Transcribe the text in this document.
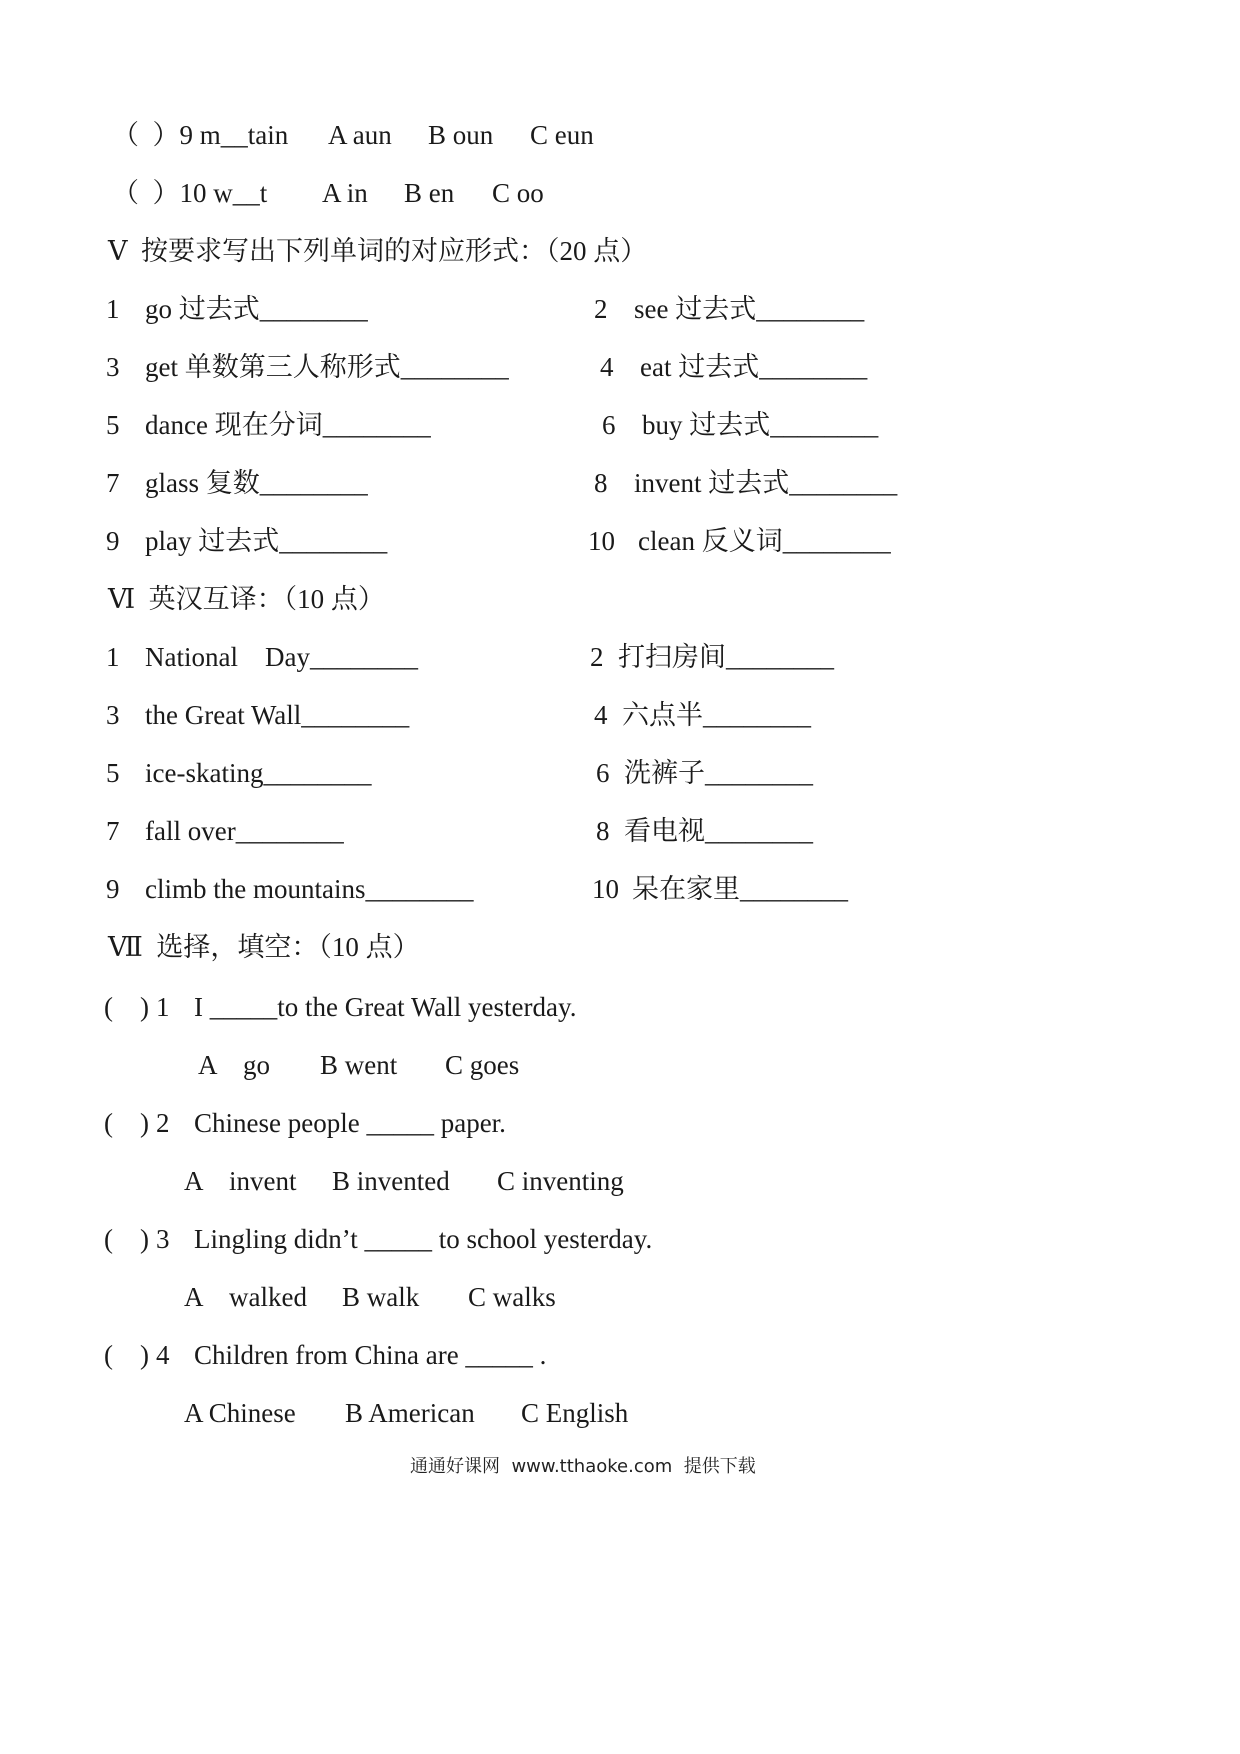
（  ）9 m__tain A aun B oun C eun
（  ）10 w__t A in B en C oo
Ⅴ  按要求写出下列单词的对应形式：（20 点）
1 go 过去式________	2 see 过去式________
3 get 单数第三人称形式________	4 eat 过去式________
5 dance 现在分词________	6 buy 过去式________
7 glass 复数________	8 invent 过去式________
9 play 过去式________	10 clean 反义词________
Ⅵ  英汉互译：（10 点）
1 National    Day________	2 打扫房间________
3 the Great Wall________	4 六点半________
5 ice-skating________	6 洗裤子________
7 fall over________	8 看电视________
9 climb the mountains________	10 呆在家里________
Ⅶ  选择，填空：（10 点）
(    ) 1 I _____to the Great Wall yesterday.
A    go B went C goes
(    ) 2 Chinese people _____ paper.
A    invent B invented C inventing
(    ) 3 Lingling didn’t _____ to school yesterday.
A    walked B walk C walks
(    ) 4 Children from China are _____ .
A Chinese B American C English
通通好课网  www.tthaoke.com  提供下载
